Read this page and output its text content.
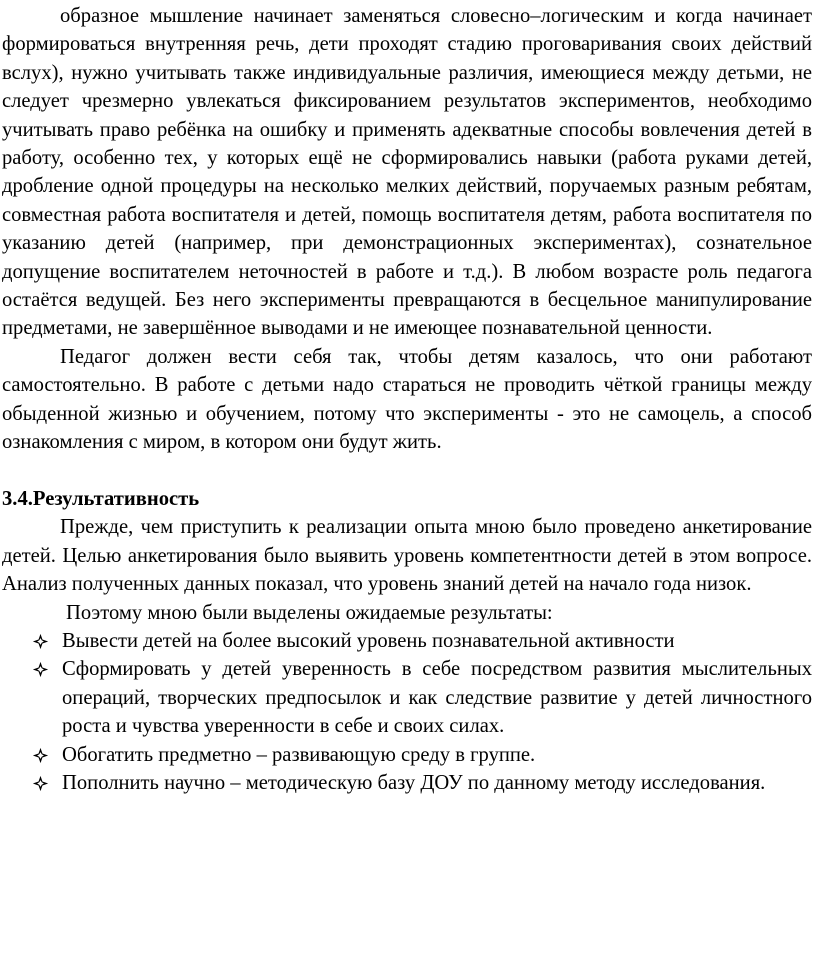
образное мышление начинает заменяться словесно–логическим и когда начинает формироваться внутренняя речь, дети проходят стадию проговаривания своих действий вслух), нужно учитывать также индивидуальные различия, имеющиеся между детьми, не следует чрезмерно увлекаться фиксированием результатов экспериментов, необходимо учитывать право ребёнка на ошибку и применять адекватные способы вовлечения детей в работу, особенно тех, у которых ещё не сформировались навыки (работа руками детей, дробление одной процедуры на несколько мелких действий, поручаемых разным ребятам, совместная работа воспитателя и детей, помощь воспитателя детям, работа воспитателя по указанию детей (например, при демонстрационных экспериментах), сознательное допущение воспитателем неточностей в работе и т.д.). В любом возрасте роль педагога остаётся ведущей. Без него эксперименты превращаются в бесцельное манипулирование предметами, не завершённое выводами и не имеющее познавательной ценности.

Педагог должен вести себя так, чтобы детям казалось, что они работают самостоятельно. В работе с детьми надо стараться не проводить чёткой границы между обыденной жизнью и обучением, потому что эксперименты - это не самоцель, а способ ознакомления с миром, в котором они будут жить.

3.4.Результативность

Прежде, чем приступить к реализации опыта мною было проведено анкетирование детей. Целью анкетирования было выявить уровень компетентности детей в этом вопросе. Анализ полученных данных показал, что уровень знаний детей на начало года низок.

Поэтому мною были выделены ожидаемые результаты:

Вывести детей на более высокий уровень познавательной активности
Сформировать у детей уверенность в себе посредством развития мыслительных операций, творческих предпосылок и как следствие развитие у детей личностного роста и чувства уверенности в себе и своих силах.
Обогатить предметно – развивающую среду в группе.
Пополнить научно – методическую базу ДОУ по данному методу исследования.
